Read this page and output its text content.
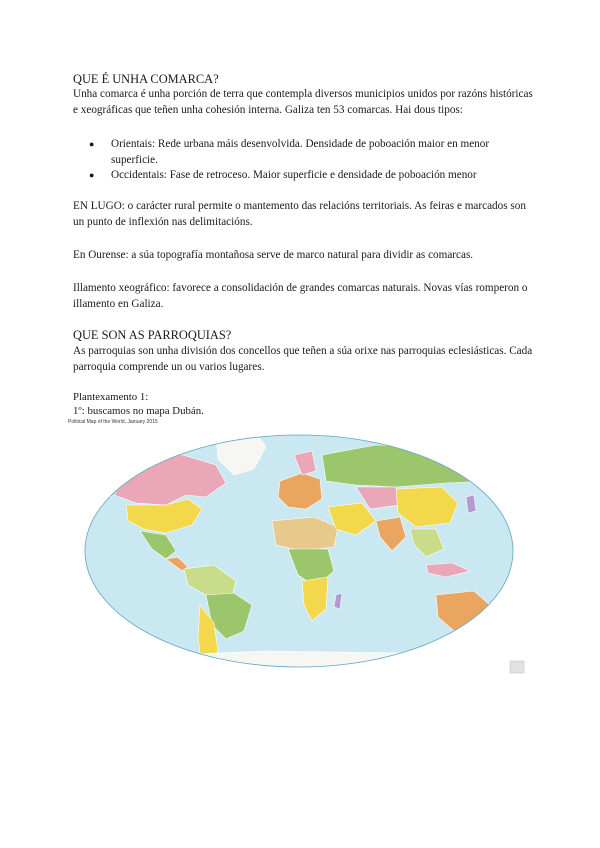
QUE É UNHA COMARCA?
Unha comarca é unha porción de terra que contempla diversos municipios unidos por razóns históricas e xeográficas que teñen unha cohesión interna. Galiza ten 53 comarcas. Hai dous tipos:
● Orientais: Rede urbana máis desenvolvida. Densidade de poboación maior en menor superficie.
● Occidentais: Fase de retroceso. Maior superficie e densidade de poboación menor
EN LUGO: o carácter rural permite o mantemento das relacións territoriais. As feiras e marcados son un punto de inflexión nas delimitacións.
En Ourense: a súa topografía montañosa serve de marco natural para dividir as comarcas.
Illamento xeográfico: favorece a consolidación de grandes comarcas naturais. Novas vías romperon o illamento en Galiza.
QUE SON AS PARROQUIAS?
As parroquias son unha división dos concellos que teñen a súa orixe nas parroquias eclesiásticas. Cada parroquia comprende un ou varios lugares.
Plantexamento 1:
1º: buscamos no mapa Dubán.
Political Map of the World, January 2015
